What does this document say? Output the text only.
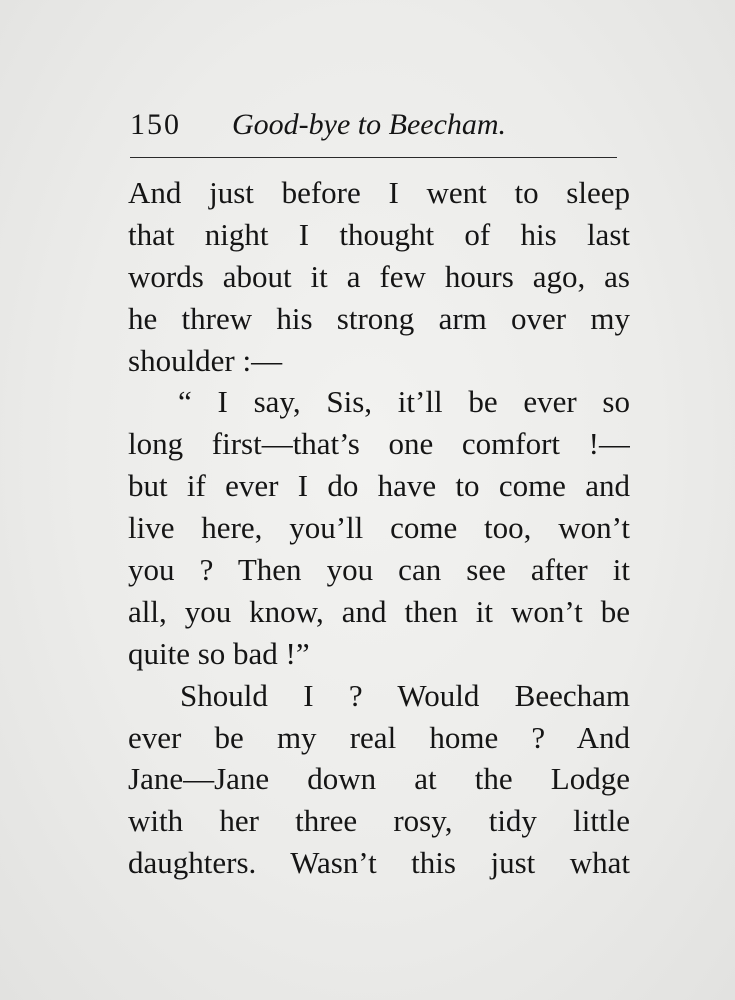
150 Good-bye to Beecham.
And just before I went to sleep
that night I thought of his last
words about it a few hours ago, as
he threw his strong arm over my
shoulder :—
“ I say, Sis, it’ll be ever so
long first—that’s one comfort !—
but if ever I do have to come and
live here, you’ll come too, won’t
you ? Then you can see after it
all, you know, and then it won’t be
quite so bad !”
Should I ? Would Beecham
ever be my real home ? And
Jane—Jane down at the Lodge
with her three rosy, tidy little
daughters. Wasn’t this just what
